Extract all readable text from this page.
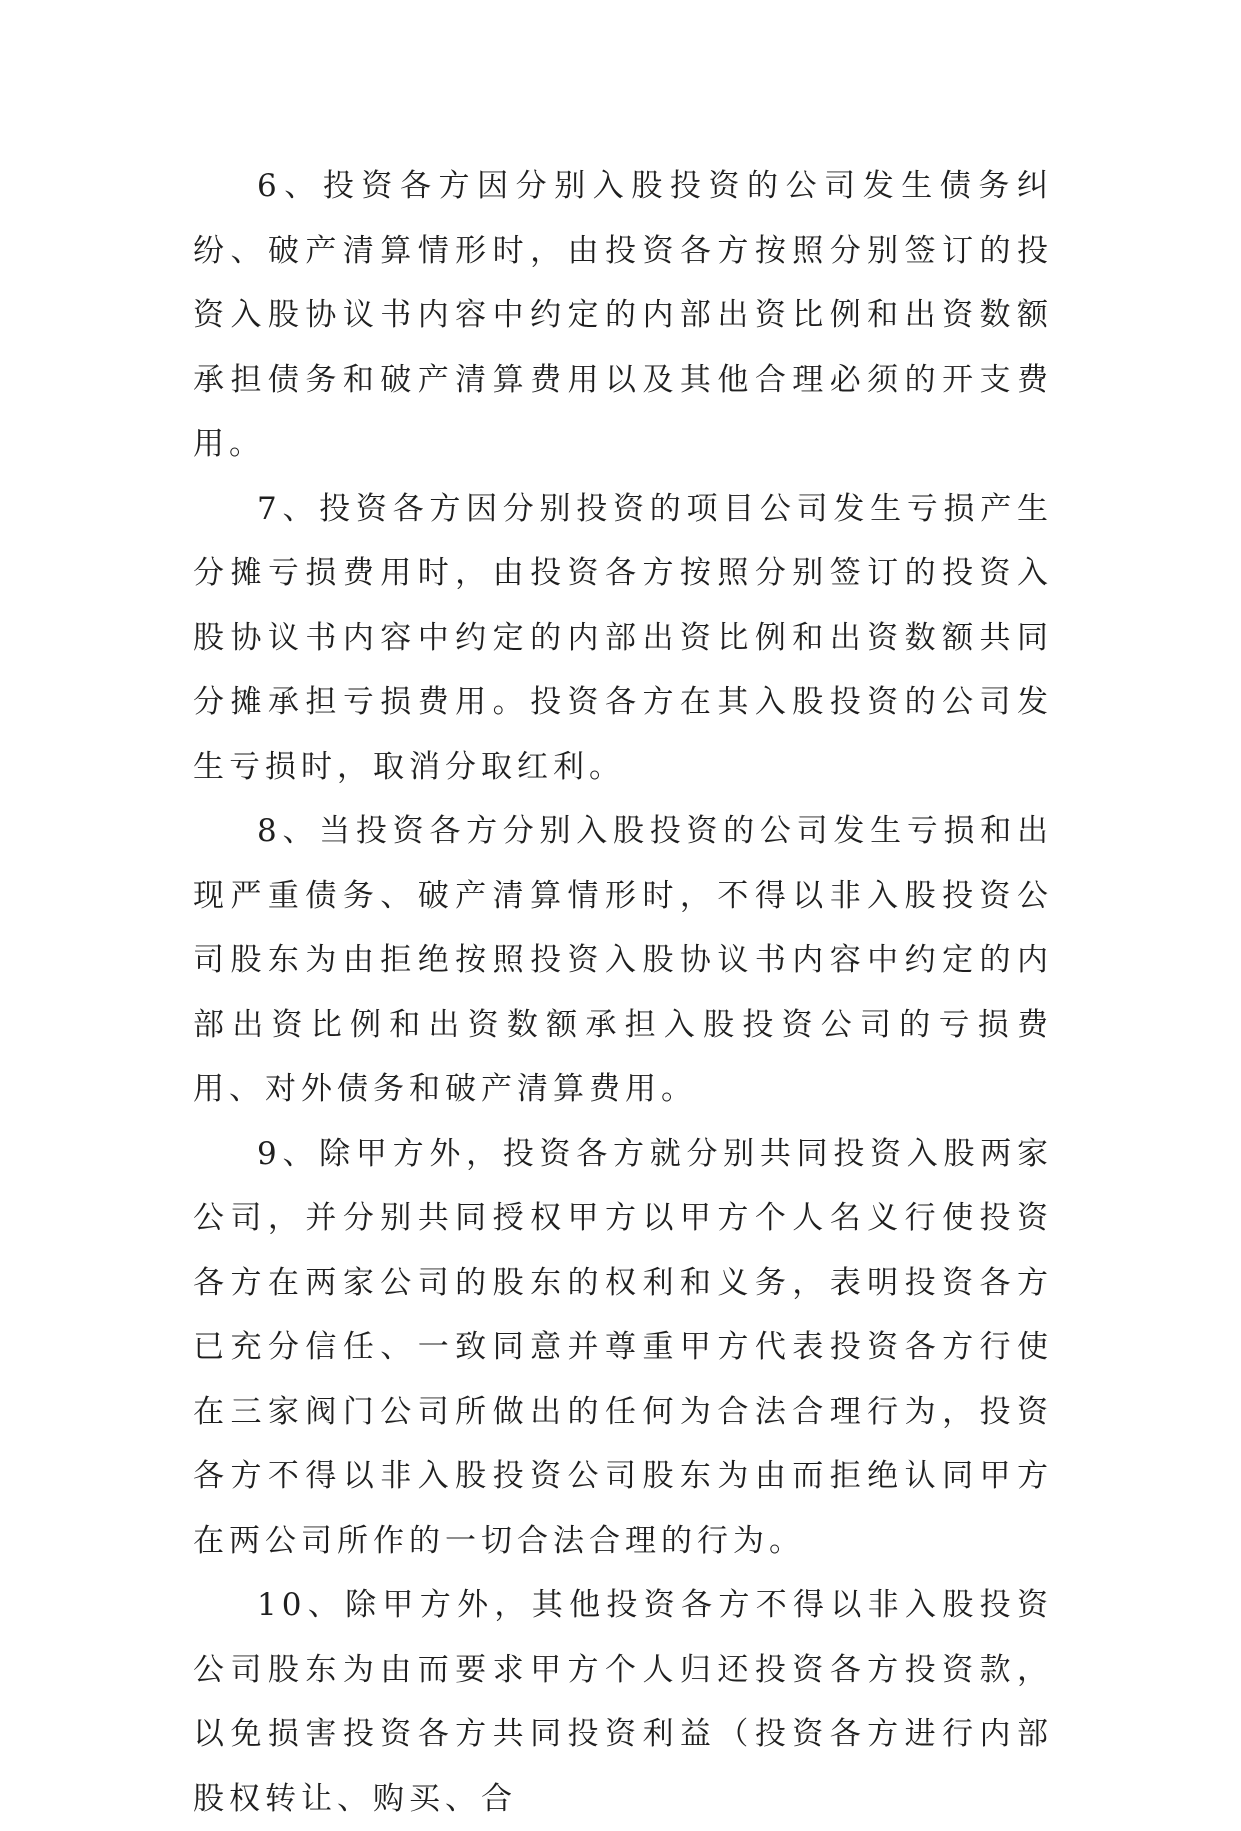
6、投资各方因分别入股投资的公司发生债务纠纷、破产清算情形时，由投资各方按照分别签订的投资入股协议书内容中约定的内部出资比例和出资数额承担债务和破产清算费用以及其他合理必须的开支费用。

7、投资各方因分别投资的项目公司发生亏损产生分摊亏损费用时，由投资各方按照分别签订的投资入股协议书内容中约定的内部出资比例和出资数额共同分摊承担亏损费用。投资各方在其入股投资的公司发生亏损时，取消分取红利。

8、当投资各方分别入股投资的公司发生亏损和出现严重债务、破产清算情形时，不得以非入股投资公司股东为由拒绝按照投资入股协议书内容中约定的内部出资比例和出资数额承担入股投资公司的亏损费用、对外债务和破产清算费用。

9、除甲方外，投资各方就分别共同投资入股两家公司，并分别共同授权甲方以甲方个人名义行使投资各方在两家公司的股东的权利和义务，表明投资各方已充分信任、一致同意并尊重甲方代表投资各方行使在三家阀门公司所做出的任何为合法合理行为，投资各方不得以非入股投资公司股东为由而拒绝认同甲方在两公司所作的一切合法合理的行为。

10、除甲方外，其他投资各方不得以非入股投资公司股东为由而要求甲方个人归还投资各方投资款，以免损害投资各方共同投资利益（投资各方进行内部股权转让、购买、合
